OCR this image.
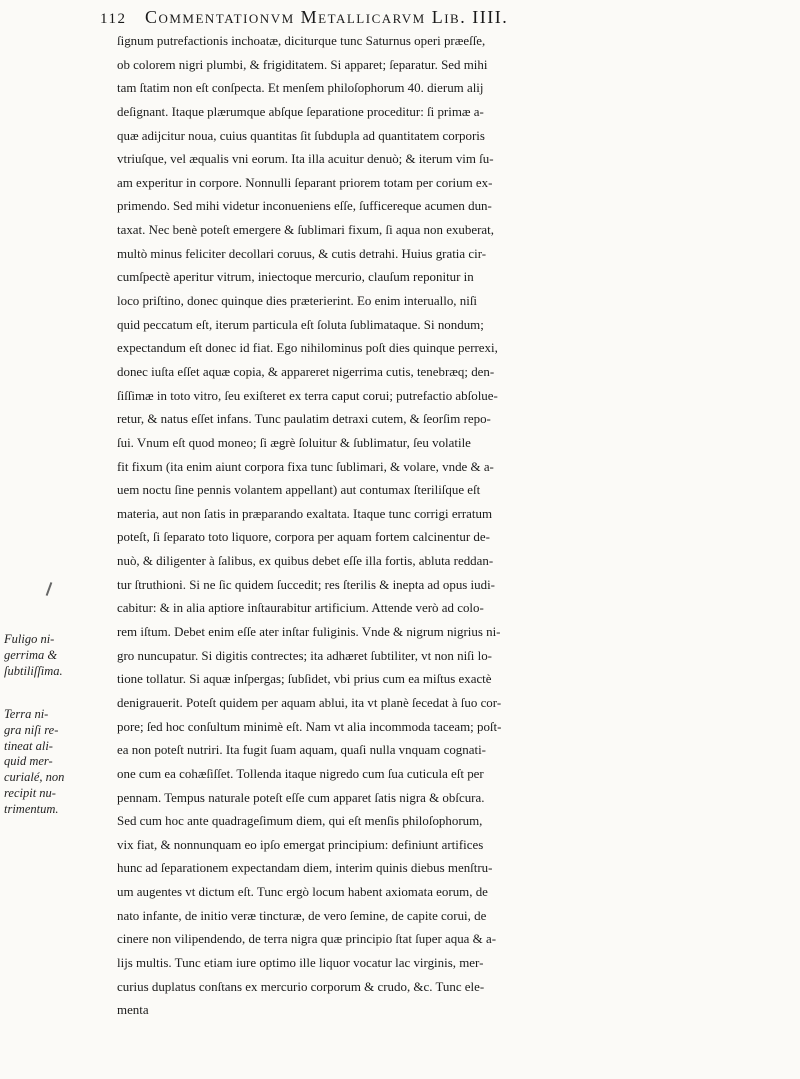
112 Commentationvm Metallicarvm Lib. IIII.
Fuligo ni-
gerrima &
ſubtiliſſima.
Terra ni-
gra niſi re-
tineat ali-
quid mer-
curialé, non
recipit nu-
trimentum.
ſignum putrefactionis inchoatæ, diciturque tunc Saturnus operi præeſſe,
ob colorem nigri plumbi, & frigiditatem. Si apparet; ſeparatur. Sed mihi
tam ſtatim non eſt conſpecta. Et menſem philoſophorum 40. dierum alij
deſignant. Itaque plærumque abſque ſeparatione proceditur: ſi primæ a-
quæ adijcitur noua, cuius quantitas ſit ſubdupla ad quantitatem corporis
vtriuſque, vel æqualis vni eorum. Ita illa acuitur denuò; & iterum vim ſu-
am experitur in corpore. Nonnulli ſeparant priorem totam per corium ex-
primendo. Sed mihi videtur inconueniens eſſe, ſufficereque acumen dun-
taxat. Nec benè poteſt emergere & ſublimari fixum, ſi aqua non exuberat,
multò minus feliciter decollari coruus, & cutis detrahi. Huius gratia cir-
cumſpectè aperitur vitrum, iniectoque mercurio, clauſum reponitur in
loco priſtino, donec quinque dies præterierint. Eo enim interuallo, niſi
quid peccatum eſt, iterum particula eſt ſoluta ſublimataque. Si nondum;
expectandum eſt donec id fiat. Ego nihilominus poſt dies quinque perrexi,
donec iuſta eſſet aquæ copia, & appareret nigerrima cutis, tenebræq; den-
ſiſſimæ in toto vitro, ſeu exiſteret ex terra caput corui; putrefactio abſolue-
retur, & natus eſſet infans. Tunc paulatim detraxi cutem, & ſeorſim repo-
ſui. Vnum eſt quod moneo; ſi ægrè ſoluitur & ſublimatur, ſeu volatile
fit fixum (ita enim aiunt corpora fixa tunc ſublimari, & volare, vnde & a-
uem noctu ſine pennis volantem appellant) aut contumax ſteriliſque eſt
materia, aut non ſatis in præparando exaltata. Itaque tunc corrigi erratum
poteſt, ſi ſeparato toto liquore, corpora per aquam fortem calcinentur de-
nuò, & diligenter à ſalibus, ex quibus debet eſſe illa fortis, abluta reddan-
tur ſtruthioni. Si ne ſic quidem ſuccedit; res ſterilis & inepta ad opus iudi-
cabitur: & in alia aptiore inſtaurabitur artificium. Attende verò ad colo-
rem iſtum. Debet enim eſſe ater inſtar fuliginis. Vnde & nigrum nigrius ni-
gro nuncupatur. Si digitis contrectes; ita adhæret ſubtiliter, vt non niſi lo-
tione tollatur. Si aquæ inſpergas; ſubſidet, vbi prius cum ea miſtus exactè
denigrauerit. Poteſt quidem per aquam ablui, ita vt planè ſecedat à ſuo cor-
pore; ſed hoc conſultum minimè eſt. Nam vt alia incommoda taceam; poſt-
ea non poteſt nutriri. Ita fugit ſuam aquam, quaſi nulla vnquam cognati-
one cum ea cohæſiſſet. Tollenda itaque nigredo cum ſua cuticula eſt per
pennam. Tempus naturale poteſt eſſe cum apparet ſatis nigra & obſcura.
Sed cum hoc ante quadrageſimum diem, qui eſt menſis philoſophorum,
vix fiat, & nonnunquam eo ipſo emergat principium: definiunt artifices
hunc ad ſeparationem expectandam diem, interim quinis diebus menſtru-
um augentes vt dictum eſt. Tunc ergò locum habent axiomata eorum, de
nato infante, de initio veræ tincturæ, de vero ſemine, de capite corui, de
cinere non vilipendendo, de terra nigra quæ principio ſtat ſuper aqua & a-
lijs multis. Tunc etiam iure optimo ille liquor vocatur lac virginis, mer-
curius duplatus conſtans ex mercurio corporum & crudo, &c. Tunc ele-
menta
